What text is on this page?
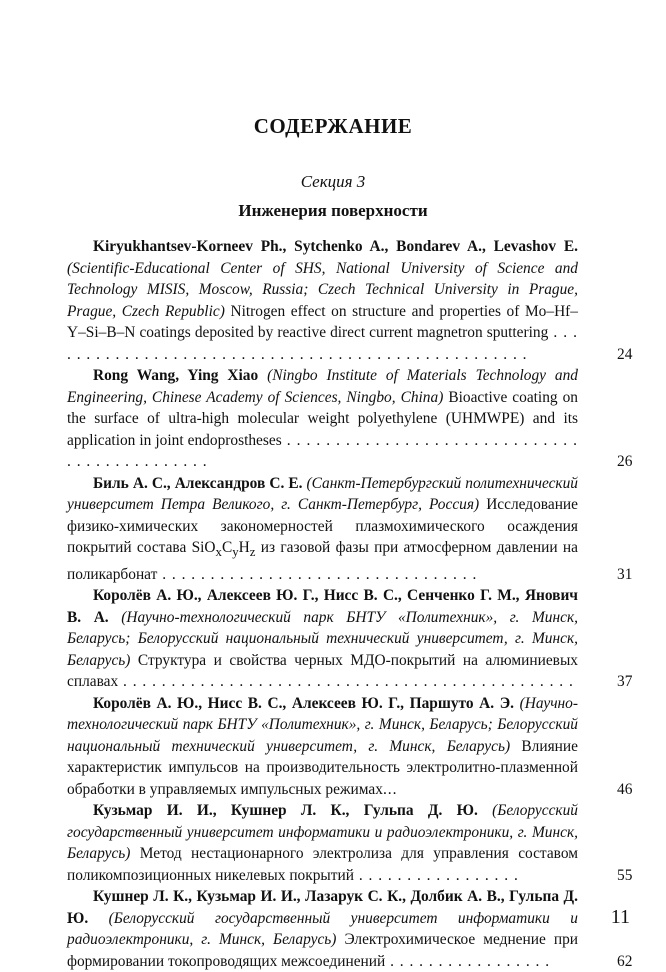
СОДЕРЖАНИЕ
Секция 3
Инженерия поверхности
Kiryukhantsev-Korneev Ph., Sytchenko A., Bondarev A., Levashov E. (Scientific-Educational Center of SHS, National University of Science and Technology MISIS, Moscow, Russia; Czech Technical University in Prague, Prague, Czech Republic) Nitrogen effect on structure and properties of Mo–Hf–Y–Si–B–N coatings deposited by reactive direct current magnetron sputtering . . . . . . . . . . . . . . . . . . . . . . . . . . . . . . . . . . . . . . . . . . . . . . . . . . .	24
Rong Wang, Ying Xiao (Ningbo Institute of Materials Technology and Engineering, Chinese Academy of Sciences, Ningbo, China) Bioactive coating on the surface of ultra-high molecular weight polyethylene (UHMWPE) and its application in joint endoprostheses . . . . . . . . . . . . . . . . . . . . . . . . . . . . . . . . . . . . . . . . . . . . .	26
Биль А. С., Александров С. Е. (Санкт-Петербургский политехнический университет Петра Великого, г. Санкт-Петербург, Россия) Исследование физико-химических закономерностей плазмохимического осаждения покрытий состава $SiO_xC_yH_z$ из газовой фазы при атмосферном давлении на поликарбонат . . . . . . . . . . . . . . . . . . . . . . . . . . . . . . . . .	31
Королёв А. Ю., Алексеев Ю. Г., Нисс В. С., Сенченко Г. М., Янович В. А. (Научно-технологический парк БНТУ «Политехник», г. Минск, Беларусь; Белорусский национальный технический университет, г. Минск, Беларусь) Структура и свойства черных МДО-покрытий на алюминиевых сплавах . . . . . . . . . . . . . . . . . . . . . . . . . . . . . . . . . . . . . . . . . . . . . . .	37
Королёв А. Ю., Нисс В. С., Алексеев Ю. Г., Паршуто А. Э. (Научно-технологический парк БНТУ «Политехник», г. Минск, Беларусь; Белорусский национальный технический университет, г. Минск, Беларусь) Влияние характеристик импульсов на производительность электролитно-плазменной обработки в управляемых импульсных режимах...	46
Кузьмар И. И., Кушнер Л. К., Гульпа Д. Ю. (Белорусский государственный университет информатики и радиоэлектроники, г. Минск, Беларусь) Метод нестационарного электролиза для управления составом поликомпозиционных никелевых покрытий . . . . . . . . . . . . . . . . .	55
Кушнер Л. К., Кузьмар И. И., Лазарук С. К., Долбик А. В., Гульпа Д. Ю. (Белорусский государственный университет информатики и радиоэлектроники, г. Минск, Беларусь) Электрохимическое меднение при формировании токопроводящих межсоединений . . . . . . . . . . . . . . . . .	62
11
